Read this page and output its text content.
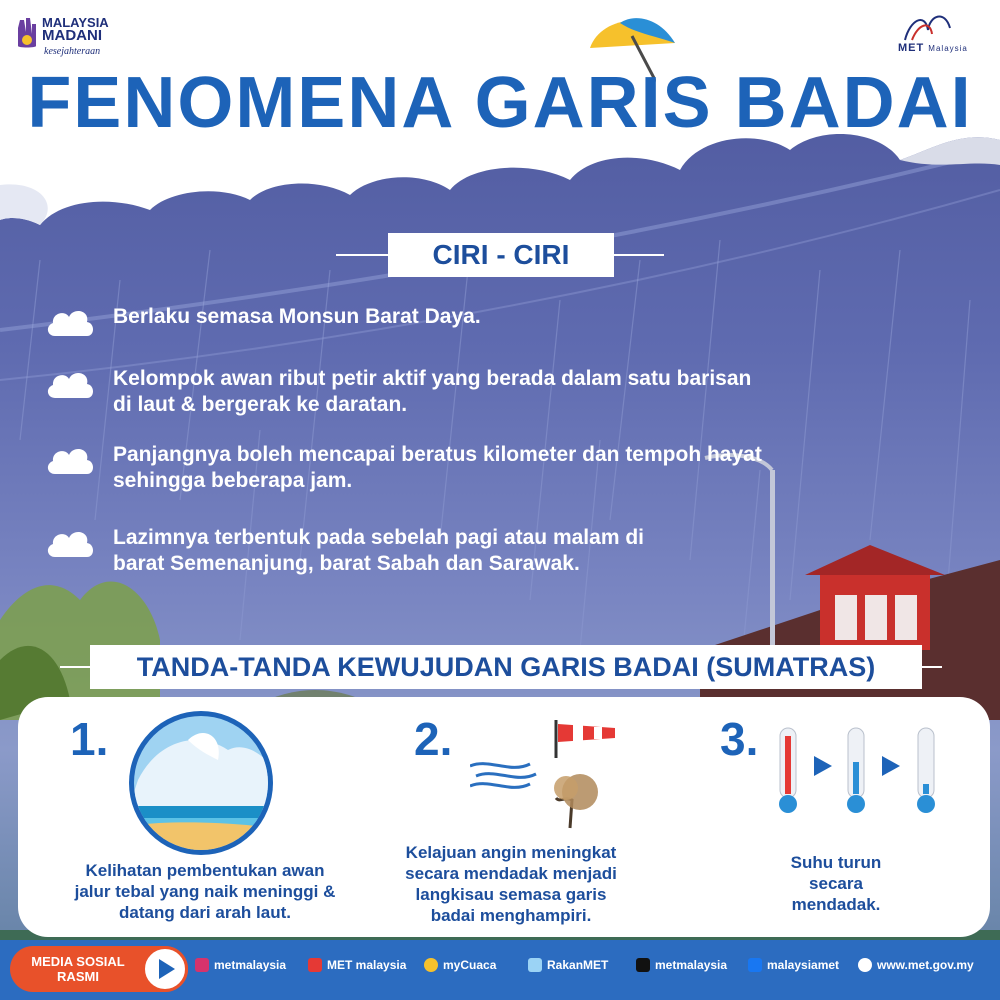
MALAYSIA
MADANI
kesejahteraan	MET Malaysia
FENOMENA GARIS BADAI
CIRI - CIRI
Berlaku semasa Monsun Barat Daya.
Kelompok awan ribut petir aktif yang berada dalam satu barisan
di laut & bergerak ke daratan.
Panjangnya boleh mencapai beratus kilometer dan tempoh hayat
sehingga beberapa jam.
Lazimnya terbentuk pada sebelah pagi atau malam di
barat Semenanjung, barat Sabah dan Sarawak.
TANDA-TANDA KEWUJUDAN GARIS BADAI (SUMATRAS)
1.
Kelihatan pembentukan awan
jalur tebal yang naik meninggi &
datang dari arah laut.
2.
Kelajuan angin meningkat
secara mendadak menjadi
langkisau semasa garis
badai menghampiri.
3.
Suhu turun
secara
mendadak.
MEDIA SOSIAL
RASMI
metmalaysia	MET malaysia	myCuaca	RakanMET	metmalaysia	malaysiamet	www.met.gov.my
